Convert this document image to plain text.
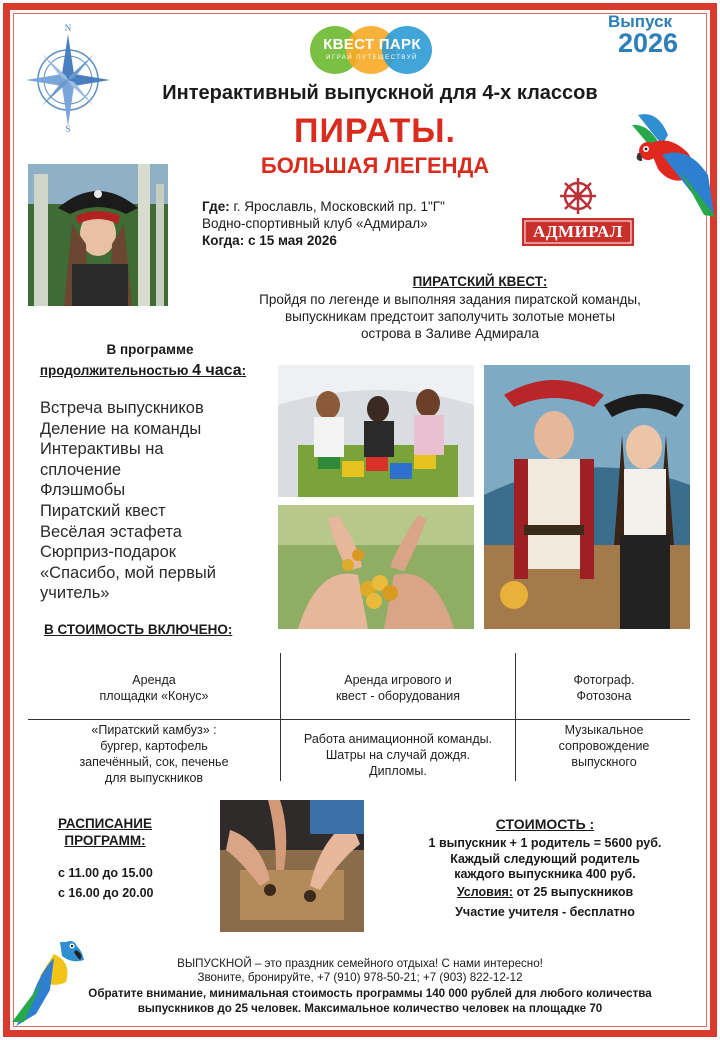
N
S
КВЕСТ ПАРК
ИГРАЙ ПУТЕШЕСТВУЙ
Выпуск
2026
Интерактивный выпускной для 4-х классов
ПИРАТЫ.
БОЛЬШАЯ ЛЕГЕНДА
Где: г. Ярославль, Московский пр. 1"Г"
Водно-спортивный клуб «Адмирал»
Когда: с 15 мая 2026	АДМИРАЛ
ПИРАТСКИЙ КВЕСТ:
Пройдя по легенде и выполняя задания пиратской команды,
выпускникам предстоит заполучить золотые монеты
острова в Заливе Адмирала
В программе
продолжительностью 4 часа:
Встреча выпускников
Деление на команды
Интерактивы на
сплочение
Флэшмобы
Пиратский квест
Весёлая эстафета
Сюрприз-подарок
«Спасибо, мой первый
учитель»
В СТОИМОСТЬ ВКЛЮЧЕНО:
Аренда
площадки «Конус»
Аренда игрового и
квест - оборудования
Фотограф.
Фотозона
«Пиратский камбуз» :
бургер, картофель
запечённый, сок, печенье
для выпускников
Работа анимационной команды.
Шатры на случай дождя.
Дипломы.
Музыкальное
сопровождение
выпускного
РАСПИСАНИЕ
ПРОГРАММ:
с 11.00 до 15.00
с 16.00 до 20.00
СТОИМОСТЬ :
1 выпускник + 1 родитель = 5600 руб.
Каждый следующий родитель
каждого выпускника 400 руб.
Условия: от 25 выпускников
Участие учителя - бесплатно
ВЫПУСКНОЙ – это праздник семейного отдыха! С нами интересно!
Звоните, бронируйте, +7 (910) 978-50-21; +7 (903) 822-12-12
Обратите внимание, минимальная стоимость программы 140 000 рублей для любого количества
выпускников до 25 человек. Максимальное количество человек на площадке 70
